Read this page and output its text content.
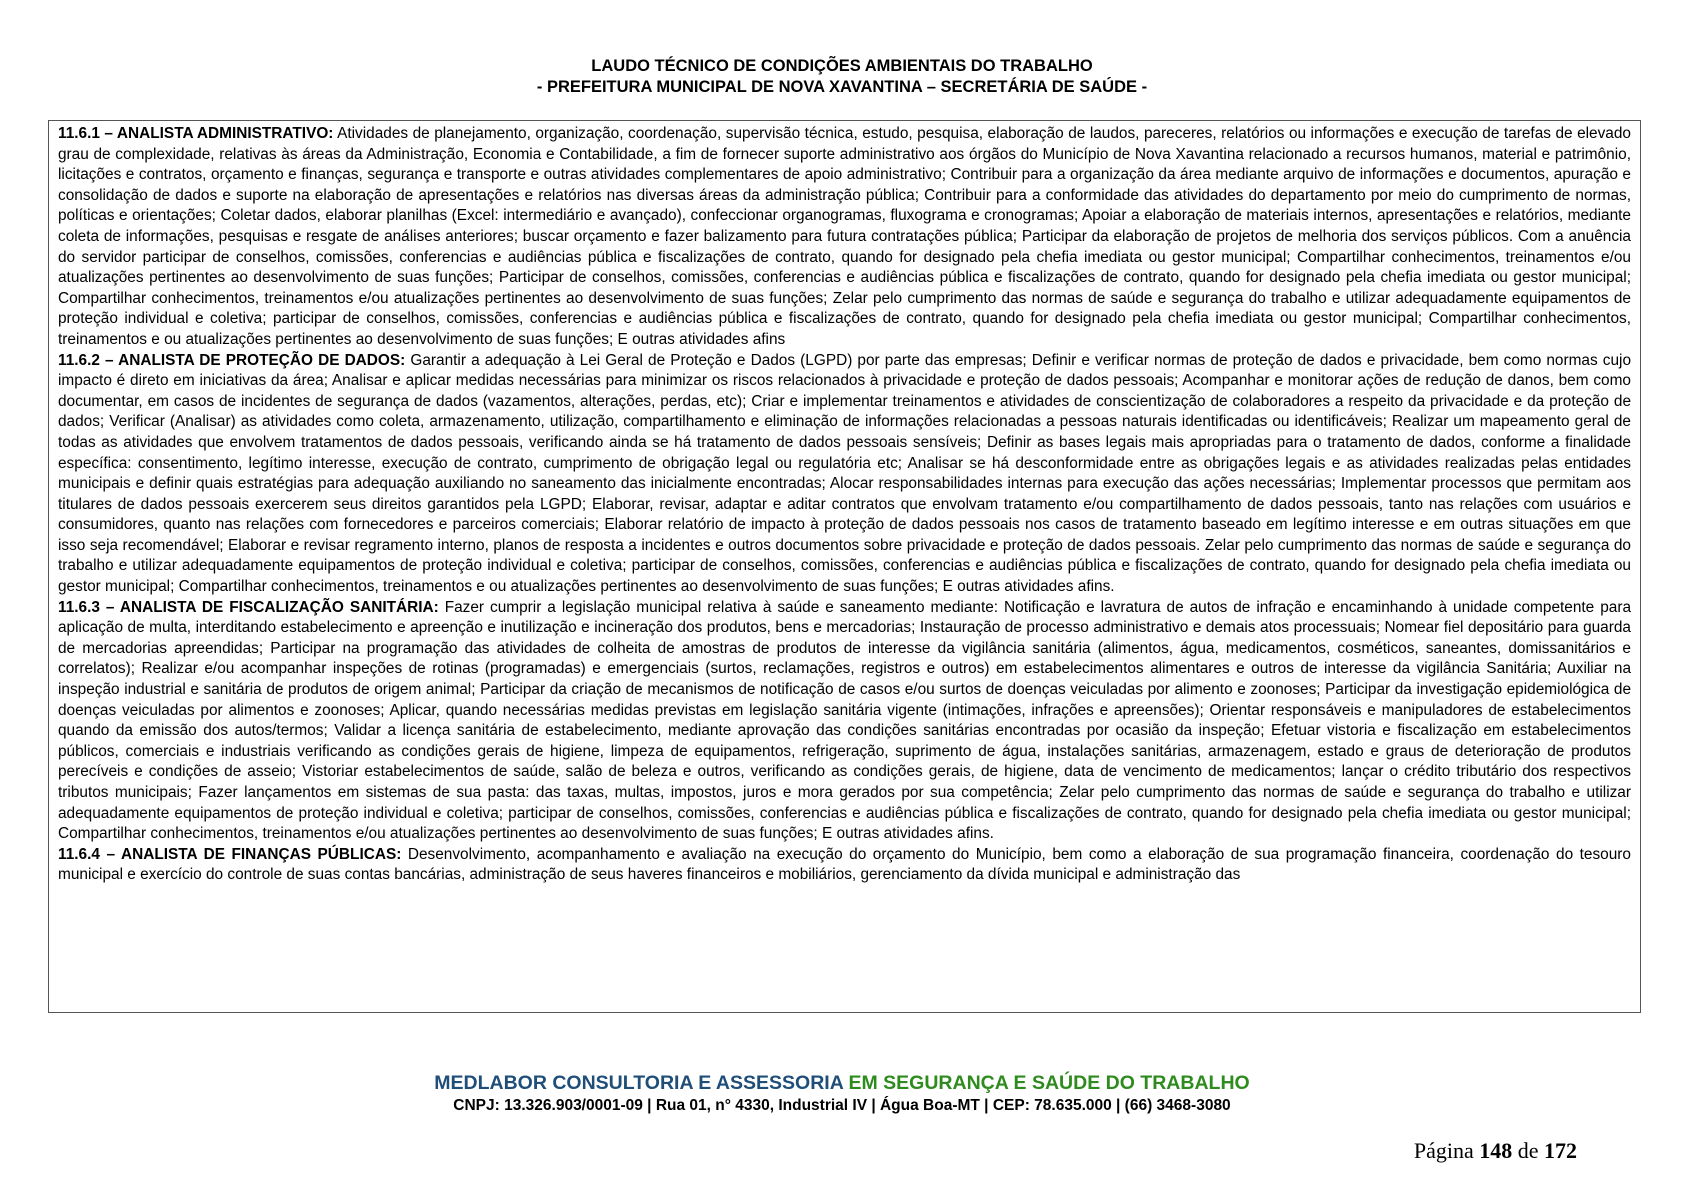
LAUDO TÉCNICO DE CONDIÇÕES AMBIENTAIS DO TRABALHO
- PREFEITURA MUNICIPAL DE NOVA XAVANTINA – SECRETÁRIA DE SAÚDE -

11.6.1 – ANALISTA ADMINISTRATIVO: Atividades de planejamento, organização, coordenação, supervisão técnica, estudo, pesquisa, elaboração de laudos, pareceres, relatórios ou informações e execução de tarefas de elevado grau de complexidade, relativas às áreas da Administração, Economia e Contabilidade, a fim de fornecer suporte administrativo aos órgãos do Município de Nova Xavantina relacionado a recursos humanos, material e patrimônio, licitações e contratos, orçamento e finanças, segurança e transporte e outras atividades complementares de apoio administrativo; Contribuir para a organização da área mediante arquivo de informações e documentos, apuração e consolidação de dados e suporte na elaboração de apresentações e relatórios nas diversas áreas da administração pública; Contribuir para a conformidade das atividades do departamento por meio do cumprimento de normas, políticas e orientações; Coletar dados, elaborar planilhas (Excel: intermediário e avançado), confeccionar organogramas, fluxograma e cronogramas; Apoiar a elaboração de materiais internos, apresentações e relatórios, mediante coleta de informações, pesquisas e resgate de análises anteriores; buscar orçamento e fazer balizamento para futura contratações pública; Participar da elaboração de projetos de melhoria dos serviços públicos. Com a anuência do servidor participar de conselhos, comissões, conferencias e audiências pública e fiscalizações de contrato, quando for designado pela chefia imediata ou gestor municipal; Compartilhar conhecimentos, treinamentos e/ou atualizações pertinentes ao desenvolvimento de suas funções; Participar de conselhos, comissões, conferencias e audiências pública e fiscalizações de contrato, quando for designado pela chefia imediata ou gestor municipal; Compartilhar conhecimentos, treinamentos e/ou atualizações pertinentes ao desenvolvimento de suas funções; Zelar pelo cumprimento das normas de saúde e segurança do trabalho e utilizar adequadamente equipamentos de proteção individual e coletiva; participar de conselhos, comissões, conferencias e audiências pública e fiscalizações de contrato, quando for designado pela chefia imediata ou gestor municipal; Compartilhar conhecimentos, treinamentos e ou atualizações pertinentes ao desenvolvimento de suas funções; E outras atividades afins

11.6.2 – ANALISTA DE PROTEÇÃO DE DADOS: Garantir a adequação à Lei Geral de Proteção e Dados (LGPD) por parte das empresas; Definir e verificar normas de proteção de dados e privacidade, bem como normas cujo impacto é direto em iniciativas da área; Analisar e aplicar medidas necessárias para minimizar os riscos relacionados à privacidade e proteção de dados pessoais; Acompanhar e monitorar ações de redução de danos, bem como documentar, em casos de incidentes de segurança de dados (vazamentos, alterações, perdas, etc); Criar e implementar treinamentos e atividades de conscientização de colaboradores a respeito da privacidade e da proteção de dados; Verificar (Analisar) as atividades como coleta, armazenamento, utilização, compartilhamento e eliminação de informações relacionadas a pessoas naturais identificadas ou identificáveis; Realizar um mapeamento geral de todas as atividades que envolvem tratamentos de dados pessoais, verificando ainda se há tratamento de dados pessoais sensíveis; Definir as bases legais mais apropriadas para o tratamento de dados, conforme a finalidade específica: consentimento, legítimo interesse, execução de contrato, cumprimento de obrigação legal ou regulatória etc; Analisar se há desconformidade entre as obrigações legais e as atividades realizadas pelas entidades municipais e definir quais estratégias para adequação auxiliando no saneamento das inicialmente encontradas; Alocar responsabilidades internas para execução das ações necessárias; Implementar processos que permitam aos titulares de dados pessoais exercerem seus direitos garantidos pela LGPD; Elaborar, revisar, adaptar e aditar contratos que envolvam tratamento e/ou compartilhamento de dados pessoais, tanto nas relações com usuários e consumidores, quanto nas relações com fornecedores e parceiros comerciais; Elaborar relatório de impacto à proteção de dados pessoais nos casos de tratamento baseado em legítimo interesse e em outras situações em que isso seja recomendável; Elaborar e revisar regramento interno, planos de resposta a incidentes e outros documentos sobre privacidade e proteção de dados pessoais. Zelar pelo cumprimento das normas de saúde e segurança do trabalho e utilizar adequadamente equipamentos de proteção individual e coletiva; participar de conselhos, comissões, conferencias e audiências pública e fiscalizações de contrato, quando for designado pela chefia imediata ou gestor municipal; Compartilhar conhecimentos, treinamentos e ou atualizações pertinentes ao desenvolvimento de suas funções; E outras atividades afins.

11.6.3 – ANALISTA DE FISCALIZAÇÃO SANITÁRIA: Fazer cumprir a legislação municipal relativa à saúde e saneamento mediante: Notificação e lavratura de autos de infração e encaminhando à unidade competente para aplicação de multa, interditando estabelecimento e apreenção e inutilização e incineração dos produtos, bens e mercadorias; Instauração de processo administrativo e demais atos processuais; Nomear fiel depositário para guarda de mercadorias apreendidas; Participar na programação das atividades de colheita de amostras de produtos de interesse da vigilância sanitária (alimentos, água, medicamentos, cosméticos, saneantes, domissanitários e correlatos); Realizar e/ou acompanhar inspeções de rotinas (programadas) e emergenciais (surtos, reclamações, registros e outros) em estabelecimentos alimentares e outros de interesse da vigilância Sanitária; Auxiliar na inspeção industrial e sanitária de produtos de origem animal; Participar da criação de mecanismos de notificação de casos e/ou surtos de doenças veiculadas por alimento e zoonoses; Participar da investigação epidemiológica de doenças veiculadas por alimentos e zoonoses; Aplicar, quando necessárias medidas previstas em legislação sanitária vigente (intimações, infrações e apreensões); Orientar responsáveis e manipuladores de estabelecimentos quando da emissão dos autos/termos; Validar a licença sanitária de estabelecimento, mediante aprovação das condições sanitárias encontradas por ocasião da inspeção; Efetuar vistoria e fiscalização em estabelecimentos públicos, comerciais e industriais verificando as condições gerais de higiene, limpeza de equipamentos, refrigeração, suprimento de água, instalações sanitárias, armazenagem, estado e graus de deterioração de produtos perecíveis e condições de asseio; Vistoriar estabelecimentos de saúde, salão de beleza e outros, verificando as condições gerais, de higiene, data de vencimento de medicamentos; lançar o crédito tributário dos respectivos tributos municipais; Fazer lançamentos em sistemas de sua pasta: das taxas, multas, impostos, juros e mora gerados por sua competência; Zelar pelo cumprimento das normas de saúde e segurança do trabalho e utilizar adequadamente equipamentos de proteção individual e coletiva; participar de conselhos, comissões, conferencias e audiências pública e fiscalizações de contrato, quando for designado pela chefia imediata ou gestor municipal; Compartilhar conhecimentos, treinamentos e/ou atualizações pertinentes ao desenvolvimento de suas funções; E outras atividades afins.

11.6.4 – ANALISTA DE FINANÇAS PÚBLICAS: Desenvolvimento, acompanhamento e avaliação na execução do orçamento do Município, bem como a elaboração de sua programação financeira, coordenação do tesouro municipal e exercício do controle de suas contas bancárias, administração de seus haveres financeiros e mobiliários, gerenciamento da dívida municipal e administração das

MEDLABOR CONSULTORIA E ASSESSORIA EM SEGURANÇA E SAÚDE DO TRABALHO
CNPJ: 13.326.903/0001-09 | Rua 01, n° 4330, Industrial IV | Água Boa-MT | CEP: 78.635.000 | (66) 3468-3080
Página 148 de 172
